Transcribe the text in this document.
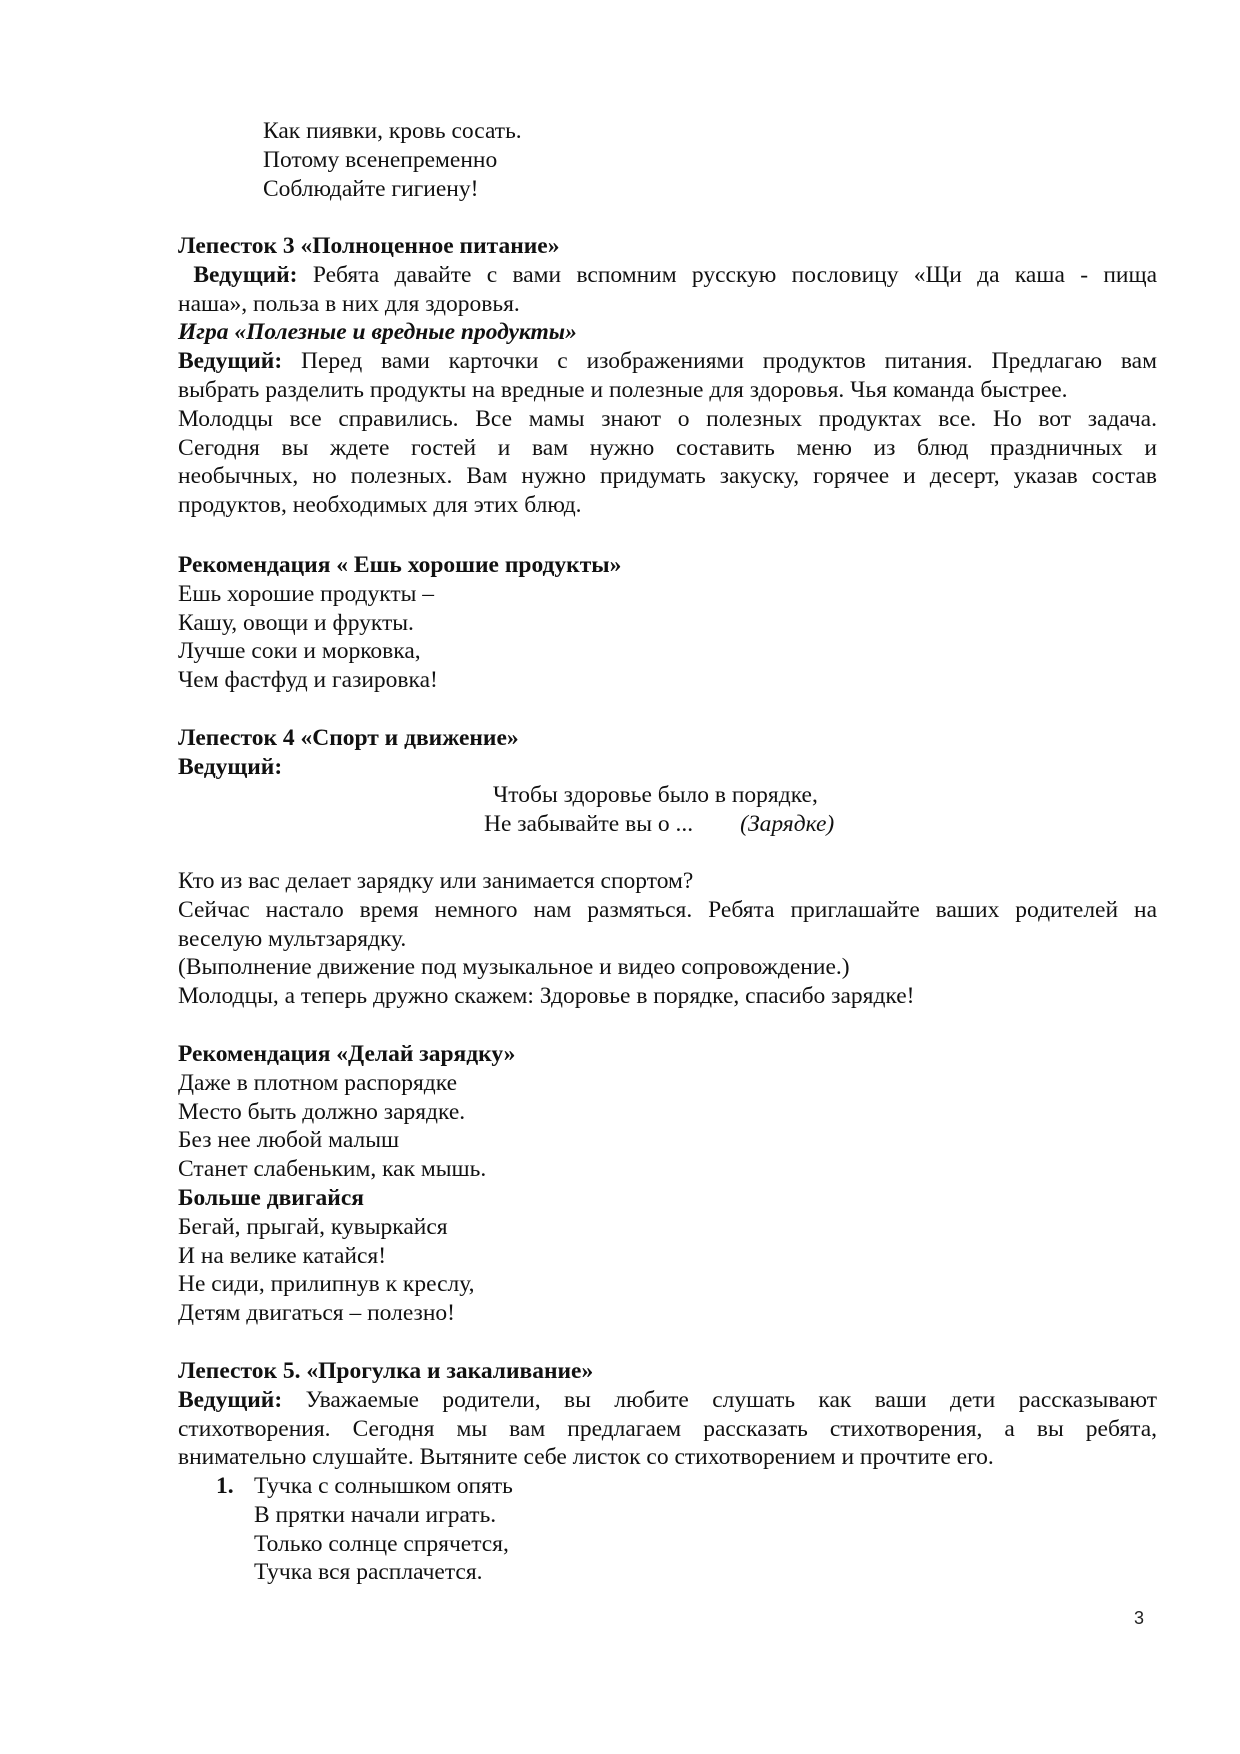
Как пиявки, кровь сосать.
Потому всенепременно
Соблюдайте гигиену!
Лепесток 3 «Полноценное питание»
Ведущий: Ребята давайте с вами вспомним русскую пословицу «Щи да каша - пища
наша», польза в них для здоровья.
Игра «Полезные и вредные продукты»
Ведущий: Перед вами карточки с изображениями продуктов питания. Предлагаю вам
выбрать разделить продукты на вредные и полезные для здоровья. Чья команда быстрее.
Молодцы все справились. Все мамы знают о полезных продуктах все. Но вот задача.
Сегодня вы ждете гостей и вам нужно составить меню из блюд праздничных и
необычных, но полезных. Вам нужно придумать закуску, горячее и десерт, указав состав
продуктов, необходимых для этих блюд.
Рекомендация « Ешь хорошие продукты»
Ешь хорошие продукты –
Кашу, овощи и фрукты.
Лучше соки и морковка,
Чем фастфуд и газировка!
Лепесток 4 «Спорт и движение»
Ведущий:
Чтобы здоровье было в порядке,
Не забывайте вы о ... (Зарядке)
Кто из вас делает зарядку или занимается спортом?
Сейчас настало время немного нам размяться. Ребята приглашайте ваших родителей на
веселую мультзарядку.
(Выполнение движение под музыкальное и видео сопровождение.)
Молодцы, а теперь дружно скажем: Здоровье в порядке, спасибо зарядке!
Рекомендация «Делай зарядку»
Даже в плотном распорядке
Место быть должно зарядке.
Без нее любой малыш
Станет слабеньким, как мышь.
Больше двигайся
Бегай, прыгай, кувыркайся
И на велике катайся!
Не сиди, прилипнув к креслу,
Детям двигаться – полезно!
Лепесток 5. «Прогулка и закаливание»
Ведущий: Уважаемые родители, вы любите слушать как ваши дети рассказывают
стихотворения. Сегодня мы вам предлагаем рассказать стихотворения, а вы ребята,
внимательно слушайте. Вытяните себе листок со стихотворением и прочтите его.
1. Тучка с солнышком опять
В прятки начали играть.
Только солнце спрячется,
Тучка вся расплачется.
3
